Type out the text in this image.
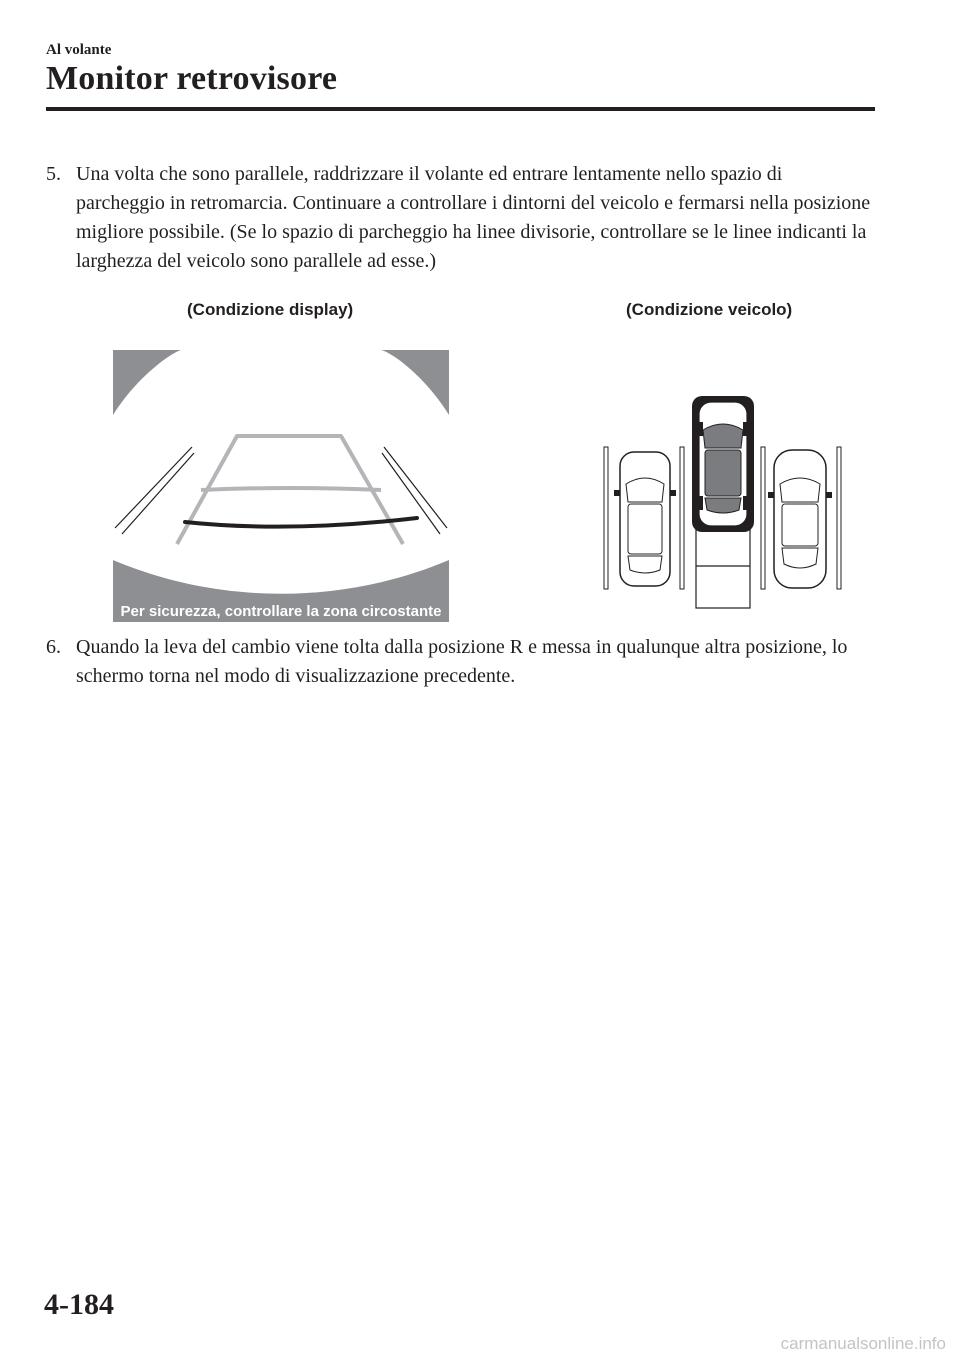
Al volante
Monitor retrovisore
5. Una volta che sono parallele, raddrizzare il volante ed entrare lentamente nello spazio di parcheggio in retromarcia. Continuare a controllare i dintorni del veicolo e fermarsi nella posizione migliore possibile. (Se lo spazio di parcheggio ha linee divisorie, controllare se le linee indicanti la larghezza del veicolo sono parallele ad esse.)
(Condizione display)	(Condizione veicolo)
Per sicurezza, controllare la zona circostante
6. Quando la leva del cambio viene tolta dalla posizione R e messa in qualunque altra posizione, lo schermo torna nel modo di visualizzazione precedente.
4-184
carmanualsonline.info
